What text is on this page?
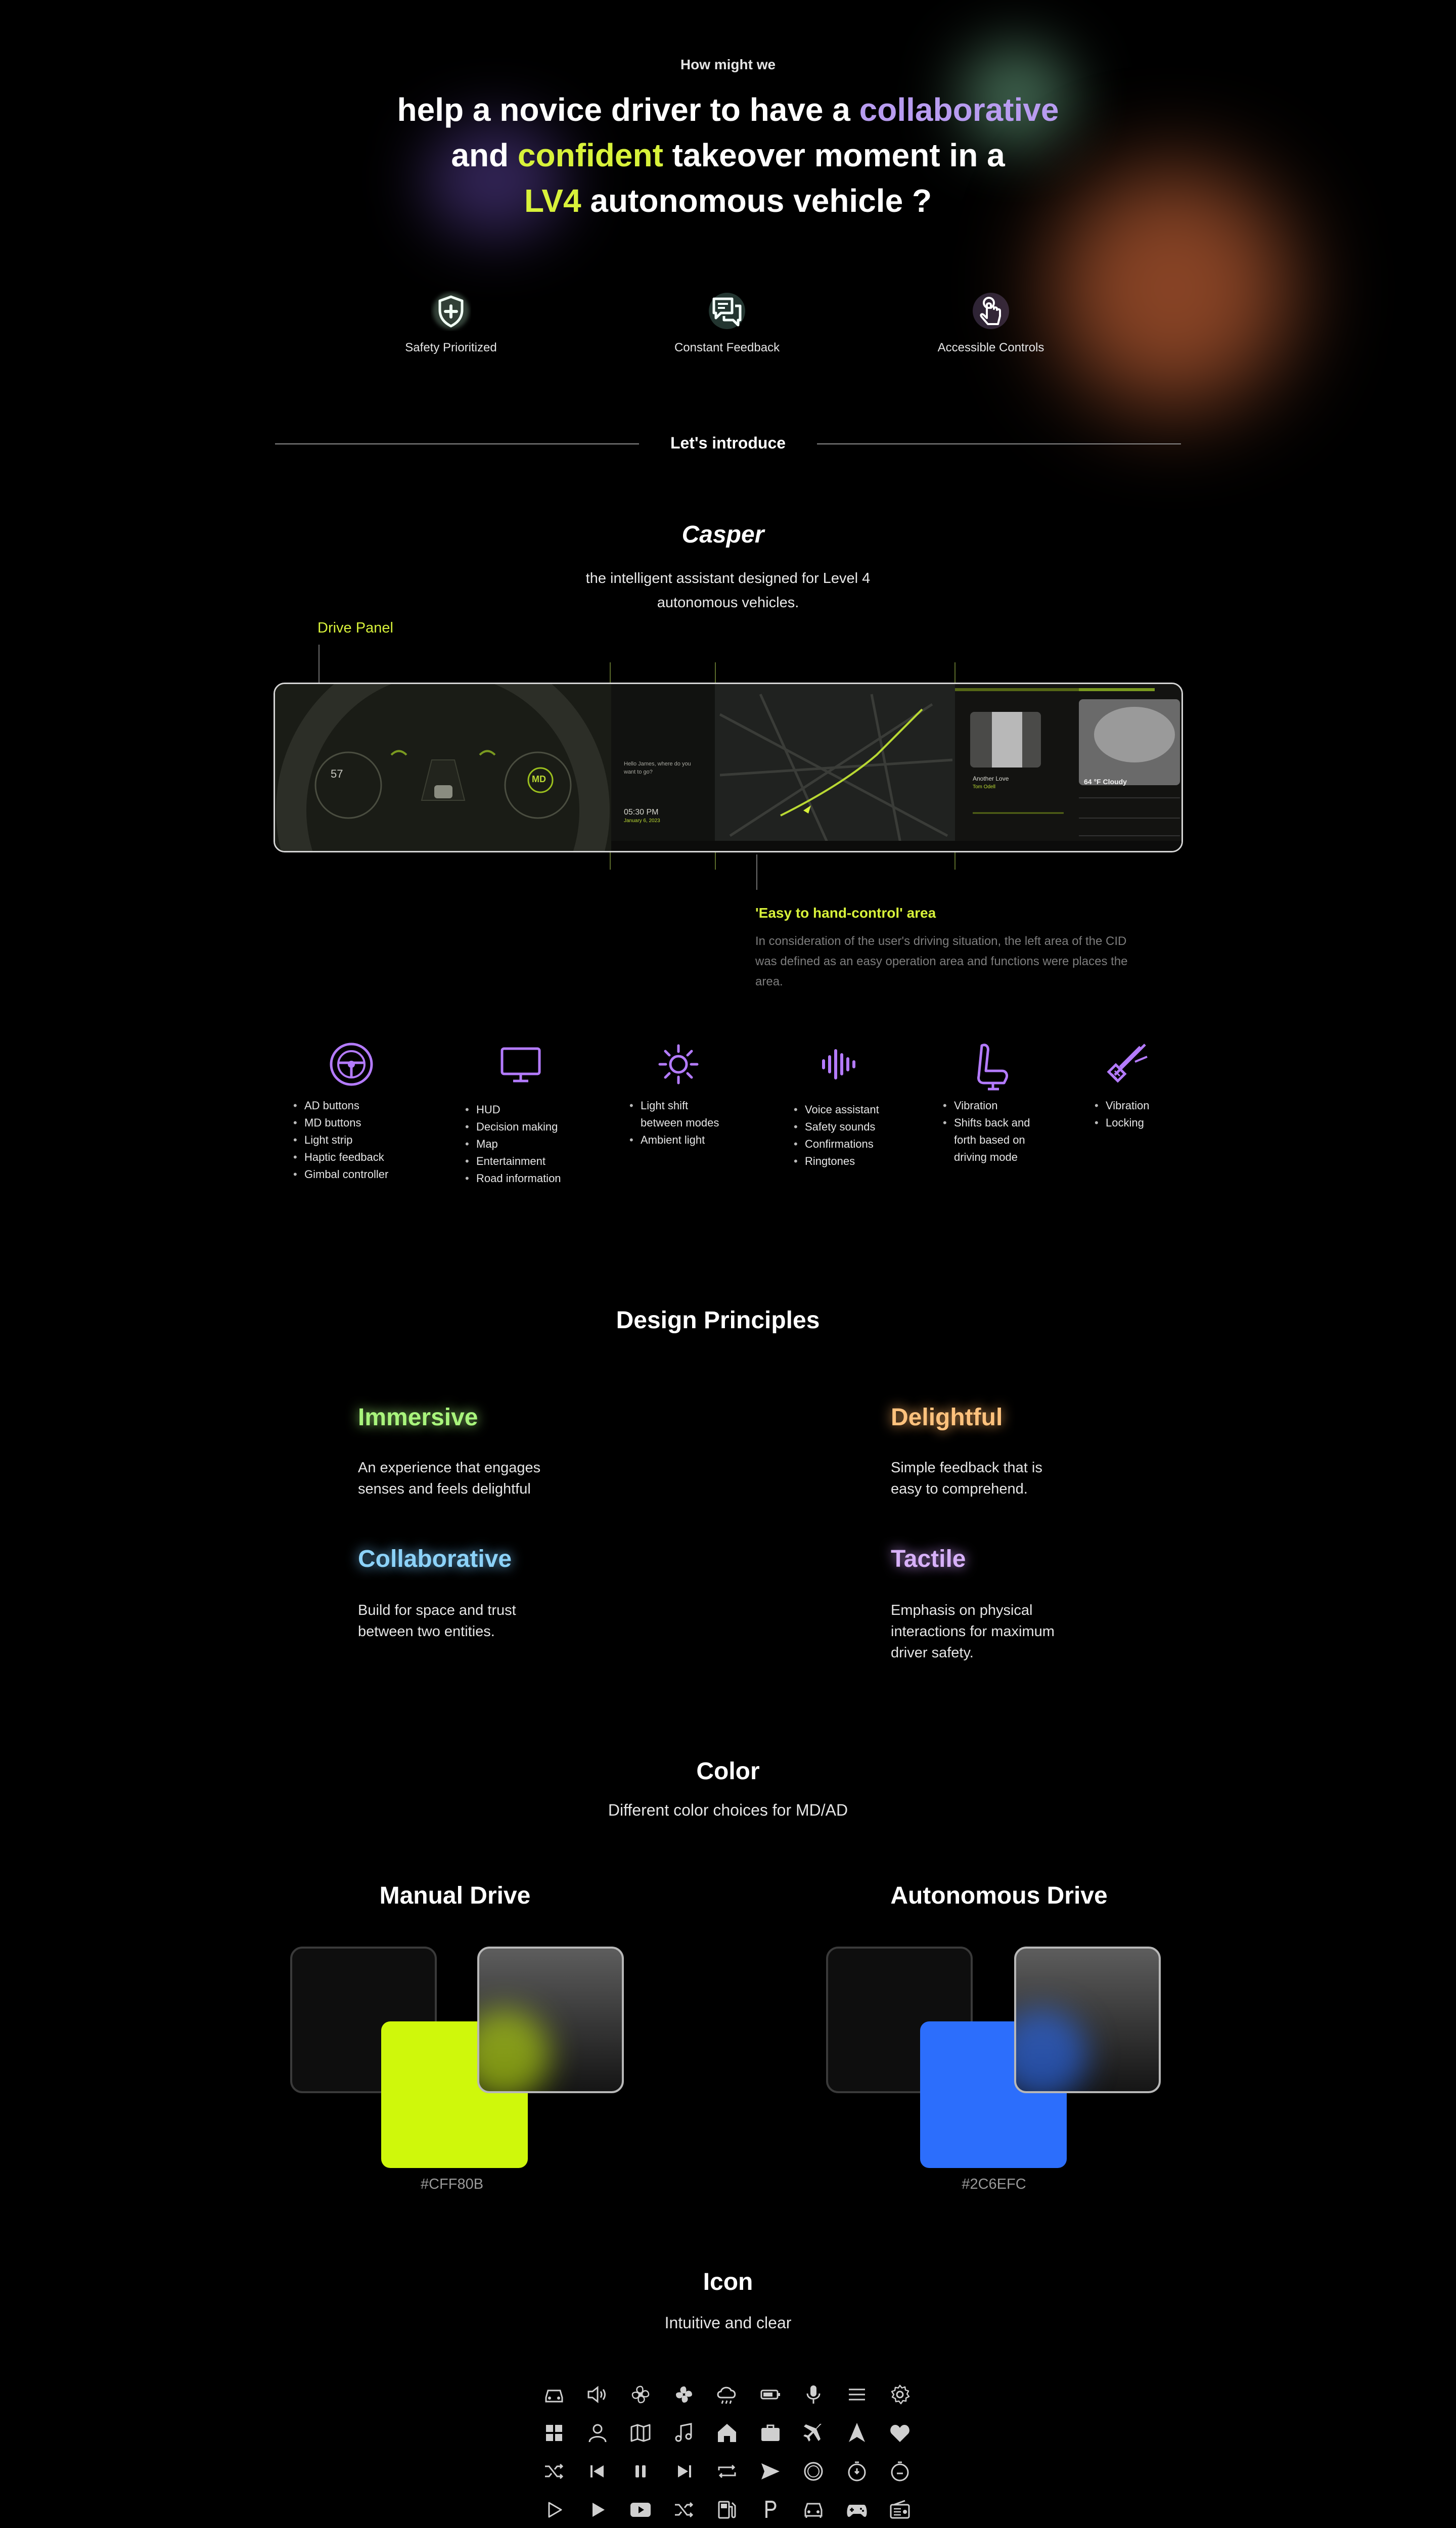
How might we
help a novice driver to have a collaborative
and confident takeover moment in a
LV4 autonomous vehicle ?
Safety Prioritized	Constant Feedback	Accessible Controls
Let's introduce
Casper
the intelligent assistant designed for Level 4 autonomous vehicles.
Drive Panel
57	MD
Hello James, where do you want to go?
05:30 PM
January 6, 2023
Another Love
Tom Odell
64 °F Cloudy
'Easy to hand-control' area
In consideration of the user's driving situation, the left area of the CID was defined as an easy operation area and functions were places the area.
• AD buttons
• MD buttons
• Light strip
• Haptic feedback
• Gimbal controller
• HUD
• Decision making
• Map
• Entertainment
• Road information
• Light shift between modes
• Ambient light
• Voice assistant
• Safety sounds
• Confirmations
• Ringtones
• Vibration
• Shifts back and forth based on driving mode
• Vibration
• Locking
Design Principles
Immersive
An experience that engages senses and feels delightful
Delightful
Simple feedback that is easy to comprehend.
Collaborative
Build for space and trust between two entities.
Tactile
Emphasis on physical interactions for maximum driver safety.
Color
Different color choices for MD/AD
Manual Drive	Autonomous Drive
#CFF80B	#2C6EFC
Icon
Intuitive and clear
